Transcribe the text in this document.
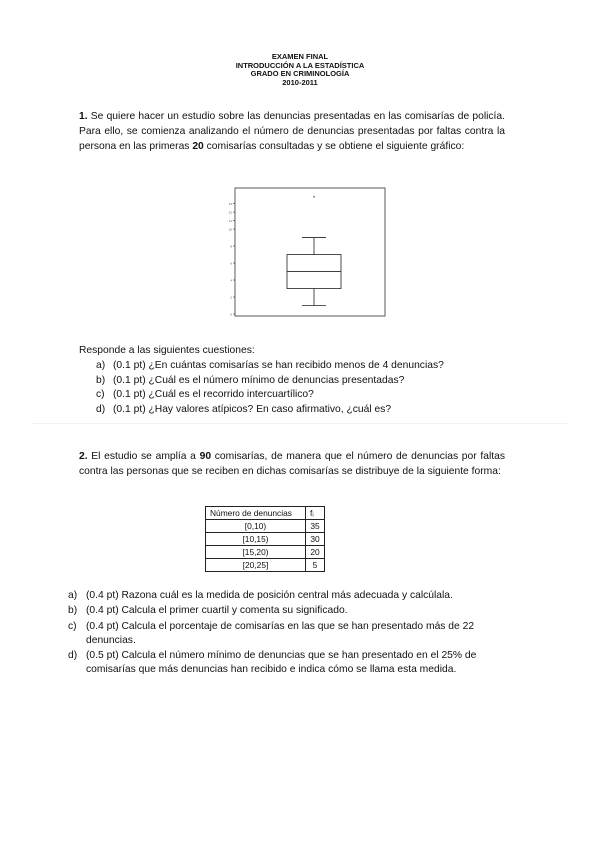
EXAMEN FINAL
INTRODUCCIÓN A LA ESTADÍSTICA
GRADO EN CRIMINOLOGÍA
2010-2011
1. Se quiere hacer un estudio sobre las denuncias presentadas en las comisarías de policía. Para ello, se comienza analizando el número de denuncias presentadas por faltas contra la persona en las primeras 20 comisarías consultadas y se obtiene el siguiente gráfico:
0
2
4
6
8
10
11
12
13
*
Responde a las siguientes cuestiones:
a) (0.1 pt) ¿En cuántas comisarías se han recibido menos de 4 denuncias?
b) (0.1 pt) ¿Cuál es el número mínimo de denuncias presentadas?
c) (0.1 pt) ¿Cuál es el recorrido intercuartílico?
d) (0.1 pt) ¿Hay valores atípicos? En caso afirmativo, ¿cuál es?
2. El estudio se amplía a 90 comisarías, de manera que el número de denuncias por faltas contra las personas que se reciben en dichas comisarías se distribuye de la siguiente forma:
Número de denuncias	fᵢ
[0,10)	35
[10,15)	30
[15,20)	20
[20,25]	5
a) (0.4 pt) Razona cuál es la medida de posición central más adecuada y calcúlala.
b) (0.4 pt) Calcula el primer cuartil y comenta su significado.
c) (0.4 pt) Calcula el porcentaje de comisarías en las que se han presentado más de 22 denuncias.
d) (0.5 pt) Calcula el número mínimo de denuncias que se han presentado en el 25% de comisarías que más denuncias han recibido e indica cómo se llama esta medida.
